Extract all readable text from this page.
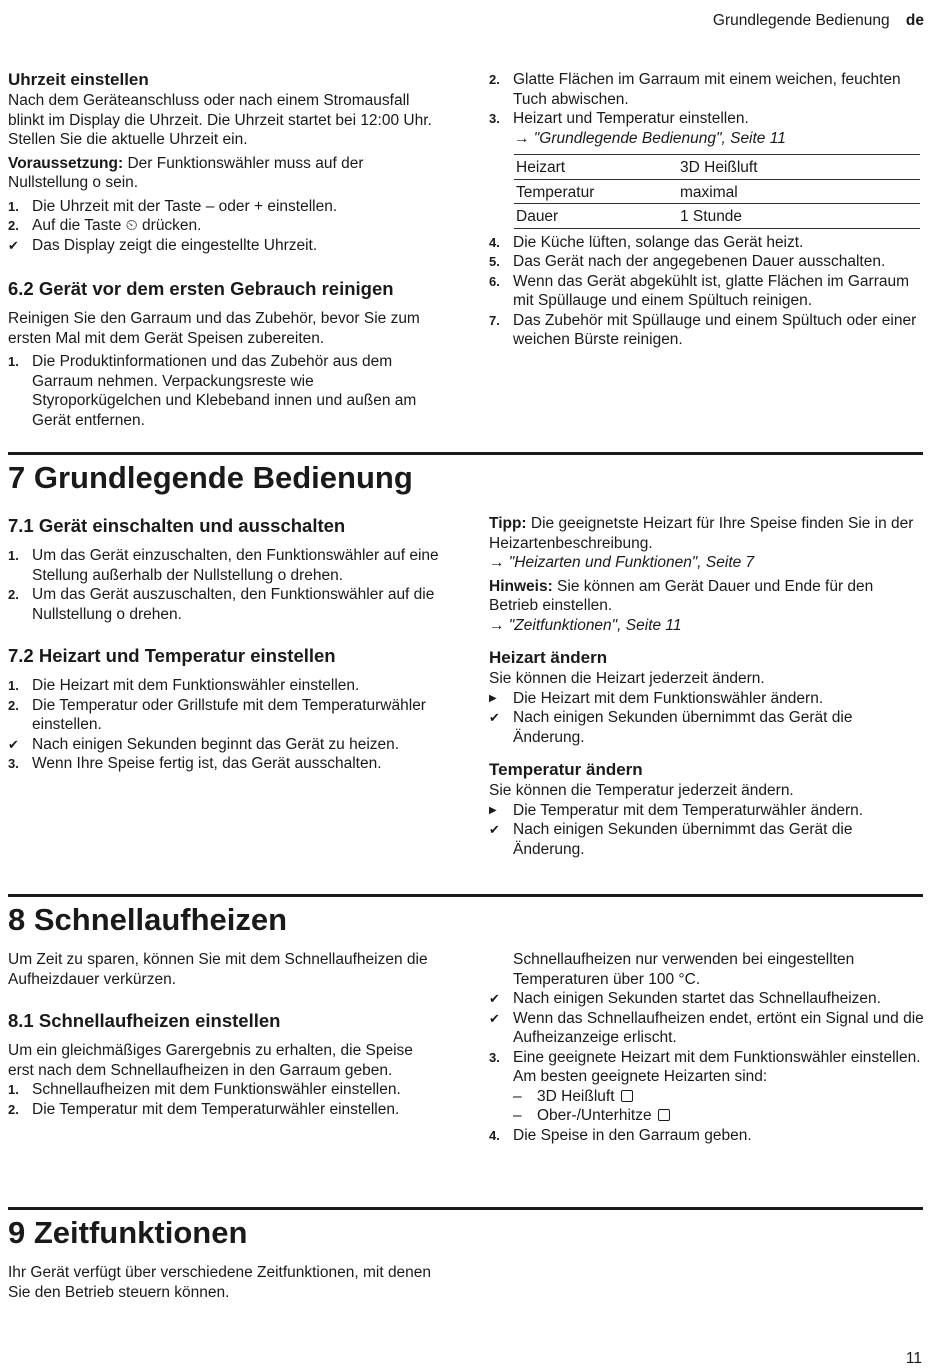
Grundlegende Bedienung de
Uhrzeit einstellen

Nach dem Geräteanschluss oder nach einem Stromausfall blinkt im Display die Uhrzeit. Die Uhrzeit startet bei 12:00 Uhr. Stellen Sie die aktuelle Uhrzeit ein.

Voraussetzung: Der Funktionswähler muss auf der Nullstellung o sein.

1. Die Uhrzeit mit der Taste – oder + einstellen.
2. Auf die Taste ⏲ drücken.
✔ Das Display zeigt die eingestellte Uhrzeit.
6.2 Gerät vor dem ersten Gebrauch reinigen

Reinigen Sie den Garraum und das Zubehör, bevor Sie zum ersten Mal mit dem Gerät Speisen zubereiten.

1. Die Produktinformationen und das Zubehör aus dem Garraum nehmen. Verpackungsreste wie Styroporkügelchen und Klebeband innen und außen am Gerät entfernen.
2. Glatte Flächen im Garraum mit einem weichen, feuchten Tuch abwischen.
3. Heizart und Temperatur einstellen.

→ "Grundlegende Bedienung", Seite 11

Heizart	3D Heißluft
Temperatur	maximal
Dauer	1 Stunde
4. Die Küche lüften, solange das Gerät heizt.
5. Das Gerät nach der angegebenen Dauer ausschalten.
6. Wenn das Gerät abgekühlt ist, glatte Flächen im Garraum mit Spüllauge und einem Spültuch reinigen.
7. Das Zubehör mit Spüllauge und einem Spültuch oder einer weichen Bürste reinigen.
7 Grundlegende Bedienung
7.1 Gerät einschalten und ausschalten
1. Um das Gerät einzuschalten, den Funktionswähler auf eine Stellung außerhalb der Nullstellung o drehen.
2. Um das Gerät auszuschalten, den Funktionswähler auf die Nullstellung o drehen.
7.2 Heizart und Temperatur einstellen
1. Die Heizart mit dem Funktionswähler einstellen.
2. Die Temperatur oder Grillstufe mit dem Temperaturwähler einstellen.
✔ Nach einigen Sekunden beginnt das Gerät zu heizen.
3. Wenn Ihre Speise fertig ist, das Gerät ausschalten.

Tipp: Die geeignetste Heizart für Ihre Speise finden Sie in der Heizartenbeschreibung.

→ "Heizarten und Funktionen", Seite 7

Hinweis: Sie können am Gerät Dauer und Ende für den Betrieb einstellen.

→ "Zeitfunktionen", Seite 11

Heizart ändern

Sie können die Heizart jederzeit ändern.

▶	Die Heizart mit dem Funktionswähler ändern.
✔ Nach einigen Sekunden übernimmt das Gerät die Änderung.
Temperatur ändern

Sie können die Temperatur jederzeit ändern.

▶	Die Temperatur mit dem Temperaturwähler ändern.
✔ Nach einigen Sekunden übernimmt das Gerät die Änderung.
8 Schnellaufheizen

Um Zeit zu sparen, können Sie mit dem Schnellaufheizen die Aufheizdauer verkürzen.

8.1 Schnellaufheizen einstellen

Um ein gleichmäßiges Garergebnis zu erhalten, die Speise erst nach dem Schnellaufheizen in den Garraum geben.

1. Schnellaufheizen mit dem Funktionswähler einstellen.
2. Die Temperatur mit dem Temperaturwähler einstellen.

Schnellaufheizen nur verwenden bei eingestellten Temperaturen über 100 °C.

✔ Nach einigen Sekunden startet das Schnellaufheizen.
✔ Wenn das Schnellaufheizen endet, ertönt ein Signal und die Aufheizanzeige erlischt.
3. Eine geeignete Heizart mit dem Funktionswähler einstellen.

Am besten geeignete Heizarten sind:

– 3D Heißluft
– Ober-/Unterhitze
4. Die Speise in den Garraum geben.
9 Zeitfunktionen

Ihr Gerät verfügt über verschiedene Zeitfunktionen, mit denen Sie den Betrieb steuern können.

11
